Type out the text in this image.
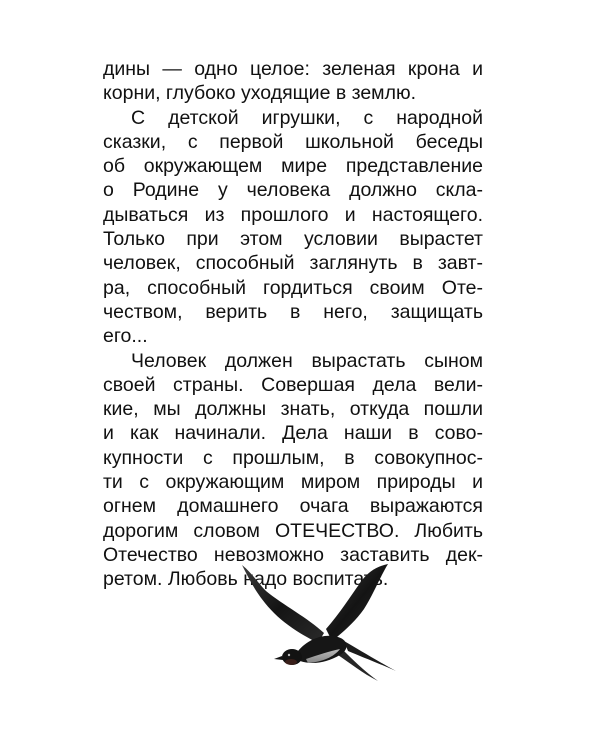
дины — одно целое: зеленая крона и
корни, глубоко уходящие в землю.
С детской игрушки, с народной
сказки, с первой школьной беседы
об окружающем мире представление
о Родине у человека должно скла-
дываться из прошлого и настоящего.
Только при этом условии вырастет
человек, способный заглянуть в завт-
ра, способный гордиться своим Оте-
чеством, верить в него, защищать
его...
Человек должен вырастать сыном
своей страны. Совершая дела вели-
кие, мы должны знать, откуда пошли
и как начинали. Дела наши в сово-
купности с прошлым, в совокупнос-
ти с окружающим миром природы и
огнем домашнего очага выражаются
дорогим словом ОТЕЧЕСТВО. Любить
Отечество невозможно заставить дек-
ретом. Любовь надо воспитать.
